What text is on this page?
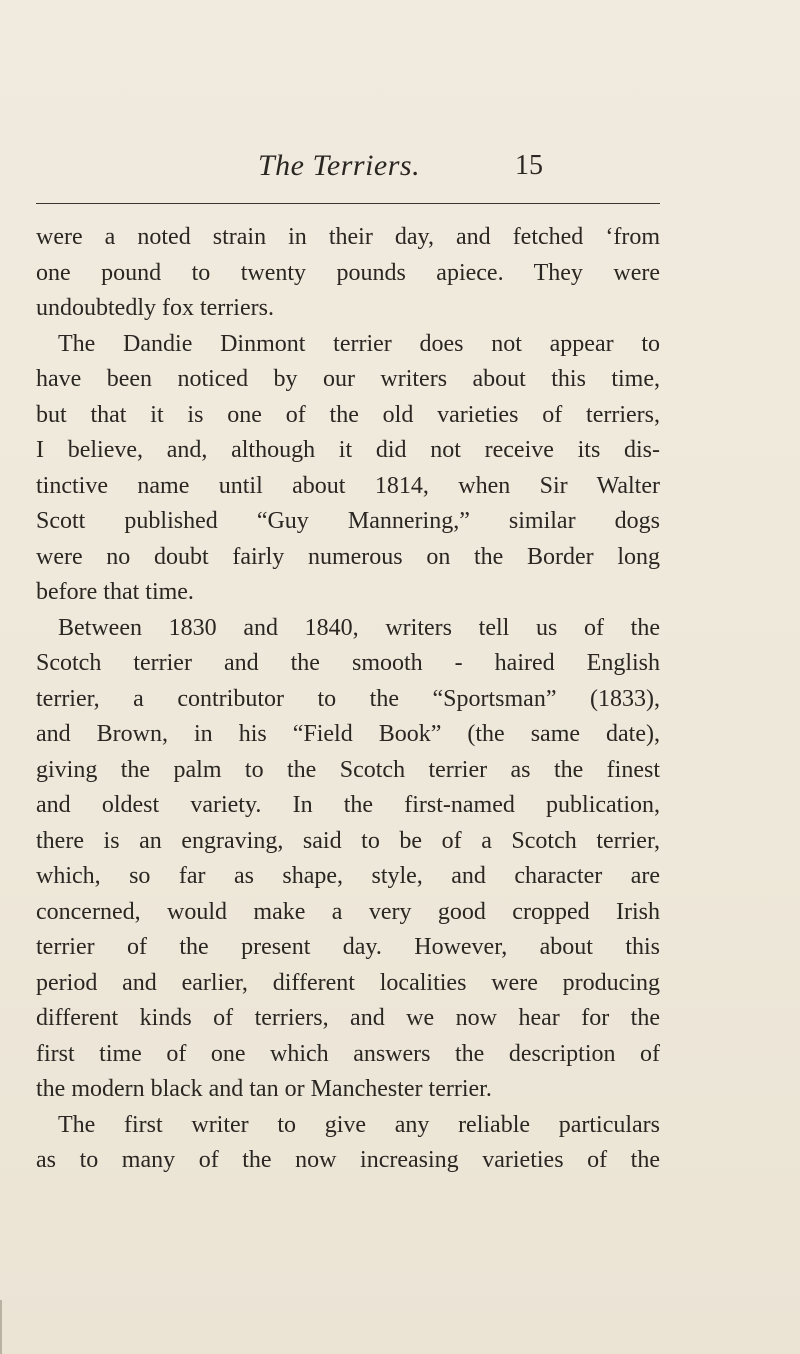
The Terriers.	15
were a noted strain in their day, and fetched ‘from
one pound to twenty pounds apiece. They were
undoubtedly fox terriers.
The Dandie Dinmont terrier does not appear to
have been noticed by our writers about this time,
but that it is one of the old varieties of terriers,
I believe, and, although it did not receive its dis-
tinctive name until about 1814, when Sir Walter
Scott published “Guy Mannering,” similar dogs
were no doubt fairly numerous on the Border long
before that time.
Between 1830 and 1840, writers tell us of the
Scotch terrier and the smooth - haired English
terrier, a contributor to the “Sportsman” (1833),
and Brown, in his “Field Book” (the same date),
giving the palm to the Scotch terrier as the finest
and oldest variety. In the first-named publication,
there is an engraving, said to be of a Scotch terrier,
which, so far as shape, style, and character are
concerned, would make a very good cropped Irish
terrier of the present day. However, about this
period and earlier, different localities were producing
different kinds of terriers, and we now hear for the
first time of one which answers the description of
the modern black and tan or Manchester terrier.
The first writer to give any reliable particulars
as to many of the now increasing varieties of the
